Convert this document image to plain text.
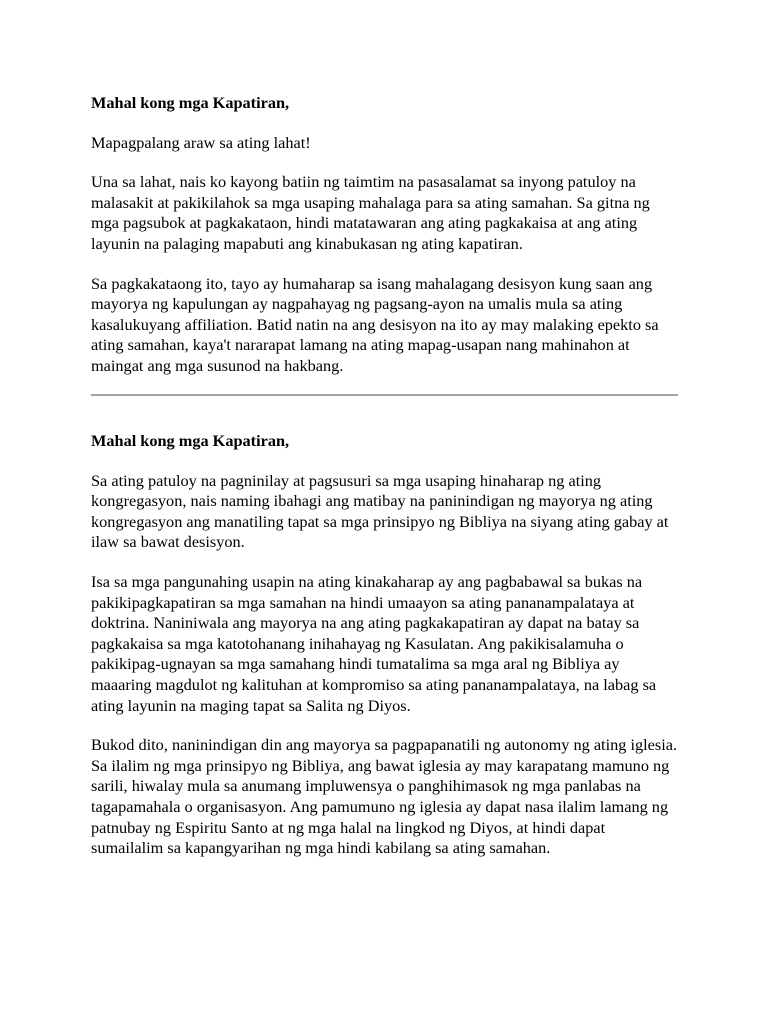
Mahal kong mga Kapatiran,

Mapagpalang araw sa ating lahat!

Una sa lahat, nais ko kayong batiin ng taimtim na pasasalamat sa inyong patuloy na malasakit at pakikilahok sa mga usaping mahalaga para sa ating samahan. Sa gitna ng mga pagsubok at pagkakataon, hindi matatawaran ang ating pagkakaisa at ang ating layunin na palaging mapabuti ang kinabukasan ng ating kapatiran.

Sa pagkakataong ito, tayo ay humaharap sa isang mahalagang desisyon kung saan ang mayorya ng kapulungan ay nagpahayag ng pagsang-ayon na umalis mula sa ating kasalukuyang affiliation. Batid natin na ang desisyon na ito ay may malaking epekto sa ating samahan, kaya't nararapat lamang na ating mapag-usapan nang mahinahon at maingat ang mga susunod na hakbang.

Mahal kong mga Kapatiran,

Sa ating patuloy na pagninilay at pagsusuri sa mga usaping hinaharap ng ating kongregasyon, nais naming ibahagi ang matibay na paninindigan ng mayorya ng ating kongregasyon ang manatiling tapat sa mga prinsipyo ng Bibliya na siyang ating gabay at ilaw sa bawat desisyon.

Isa sa mga pangunahing usapin na ating kinakaharap ay ang pagbabawal sa bukas na pakikipagkapatiran sa mga samahan na hindi umaayon sa ating pananampalataya at doktrina. Naniniwala ang mayorya na ang ating pagkakapatiran ay dapat na batay sa pagkakaisa sa mga katotohanang inihahayag ng Kasulatan. Ang pakikisalamuha o pakikipag-ugnayan sa mga samahang hindi tumatalima sa mga aral ng Bibliya ay maaaring magdulot ng kalituhan at kompromiso sa ating pananampalataya, na labag sa ating layunin na maging tapat sa Salita ng Diyos.

Bukod dito, naninindigan din ang mayorya sa pagpapanatili ng autonomy ng ating iglesia. Sa ilalim ng mga prinsipyo ng Bibliya, ang bawat iglesia ay may karapatang mamuno ng sarili, hiwalay mula sa anumang impluwensya o panghihimasok ng mga panlabas na tagapamahala o organisasyon. Ang pamumuno ng iglesia ay dapat nasa ilalim lamang ng patnubay ng Espiritu Santo at ng mga halal na lingkod ng Diyos, at hindi dapat sumailalim sa kapangyarihan ng mga hindi kabilang sa ating samahan.
